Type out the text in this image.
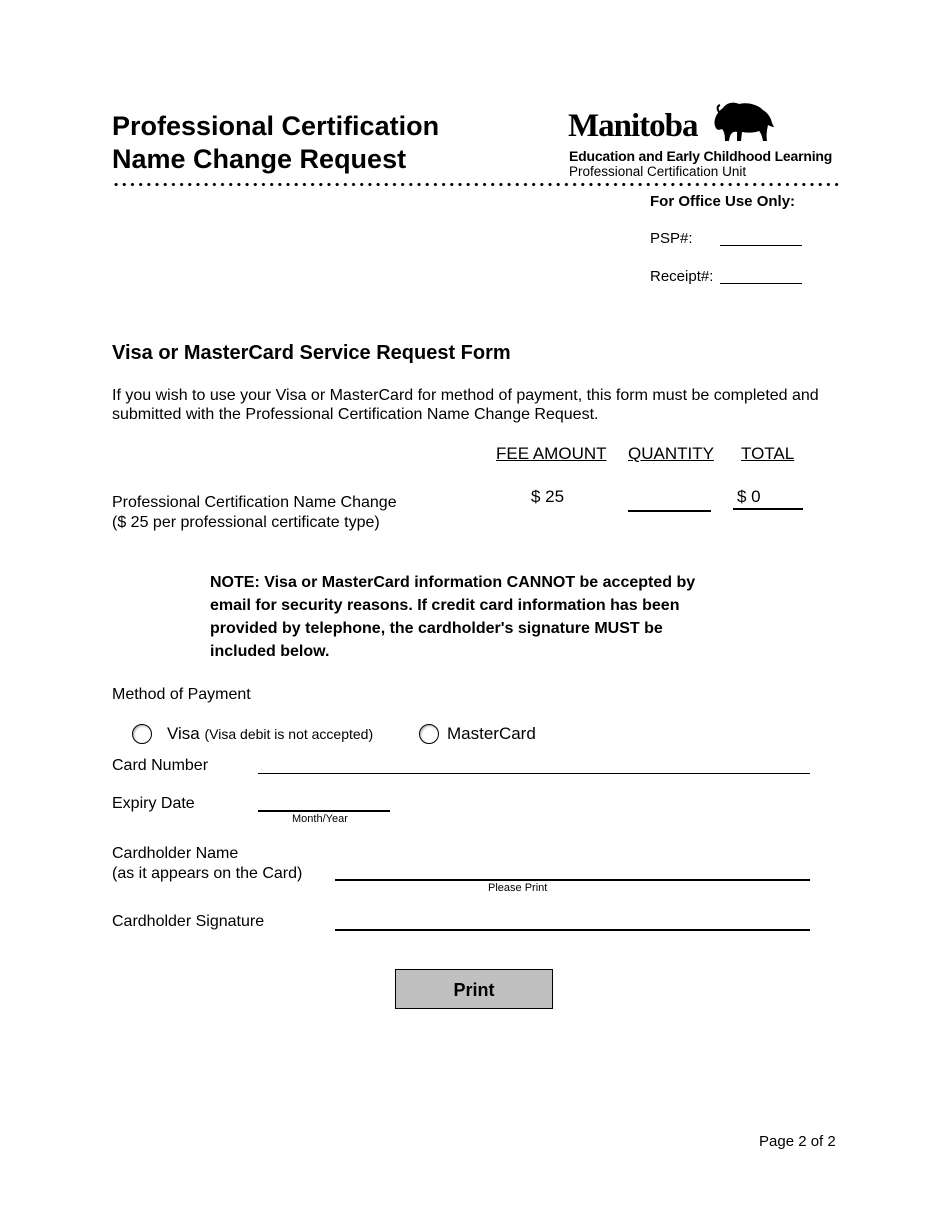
Professional Certification
Name Change Request
Manitoba
Education and Early Childhood Learning
Professional Certification Unit
For Office Use Only:
PSP#:
Receipt#:
Visa or MasterCard Service Request Form
If you wish to use your Visa or MasterCard for method of payment, this form must be completed and submitted with the Professional Certification Name Change Request.
FEE AMOUNT QUANTITY TOTAL
Professional Certification Name Change
($ 25 per professional certificate type)
$ 25	$ 0
NOTE: Visa or MasterCard information CANNOT be accepted by email for security reasons. If credit card information has been provided by telephone, the cardholder's signature MUST be included below.
Method of Payment
Visa (Visa debit is not accepted)	MasterCard
Card Number
Expiry Date
Month/Year
Cardholder Name
(as it appears on the Card)
Please Print
Cardholder Signature
Print
Page 2 of 2
